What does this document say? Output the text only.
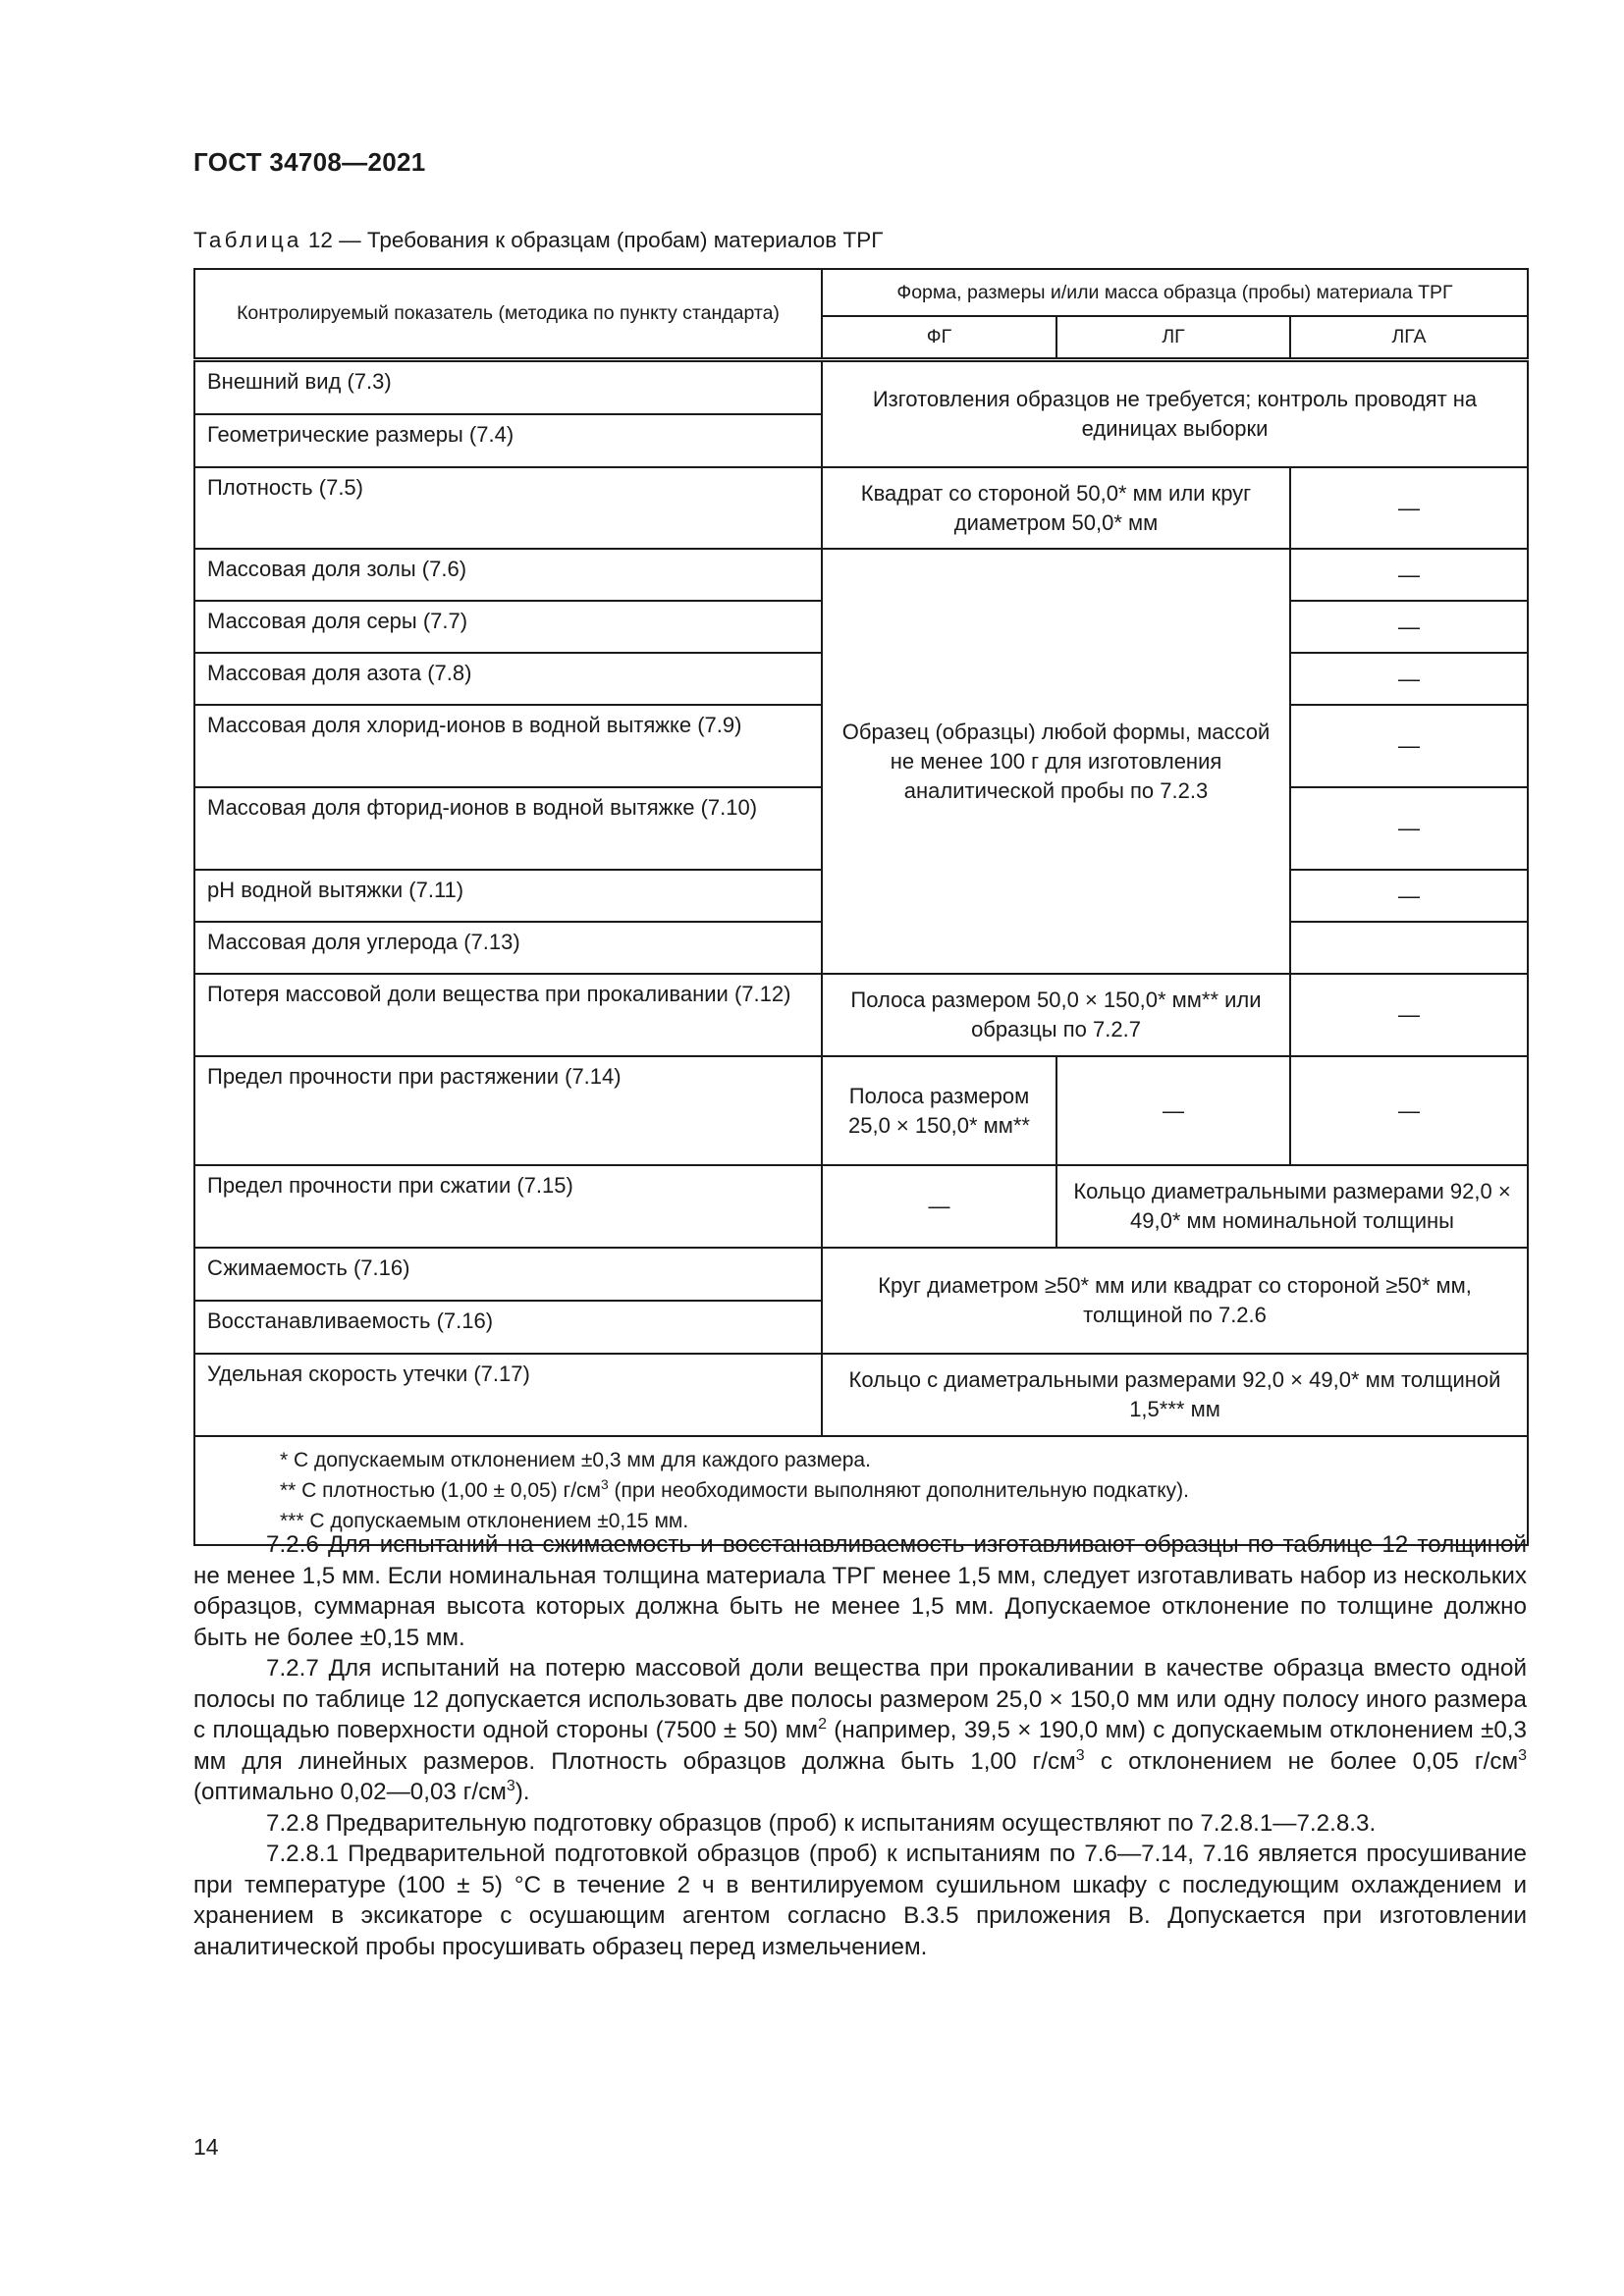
ГОСТ 34708—2021
Таблица 12 — Требования к образцам (пробам) материалов ТРГ
Контролируемый показатель (методика по пункту стандарта)	Форма, размеры и/или масса образца (пробы) материала ТРГ		
	ФГ	ЛГ	ЛГА
Внешний вид (7.3)	Изготовления образцов не требуется; контроль проводят на единицах выборки		
Геометрические размеры (7.4)			
Плотность (7.5)	Квадрат со стороной 50,0* мм или круг диаметром 50,0* мм		—
Массовая доля золы (7.6)	Образец (образцы) любой формы, массой не менее 100 г для изготовления аналитической пробы по 7.2.3		—
Массовая доля серы (7.7)			—
Массовая доля азота (7.8)			—
Массовая доля хлорид-ионов в водной вытяжке (7.9)			—
Массовая доля фторид-ионов в водной вытяжке (7.10)			—
pH водной вытяжки (7.11)			—
Массовая доля углерода (7.13)			
Потеря массовой доли вещества при прокаливании (7.12)	Полоса размером 50,0 × 150,0* мм** или образцы по 7.2.7		—
Предел прочности при растяжении (7.14)	Полоса размером 25,0 × 150,0* мм**	—	—
Предел прочности при сжатии (7.15)	—	Кольцо диаметральными размерами 92,0 × 49,0* мм номинальной толщины	
Сжимаемость (7.16)	Круг диаметром ≥50* мм или квадрат со стороной ≥50* мм, толщиной по 7.2.6		
Восстанавливаемость (7.16)			
Удельная скорость утечки (7.17)	Кольцо с диаметральными размерами 92,0 × 49,0* мм толщиной 1,5*** мм		

* С допускаемым отклонением ±0,3 мм для каждого размера.
** С плотностью (1,00 ± 0,05) $г/см^3$ (при необходимости выполняют дополнительную подкатку).
*** С допускаемым отклонением ±0,15 мм.			

7.2.6 Для испытаний на сжимаемость и восстанавливаемость изготавливают образцы по таблице 12 толщиной не менее 1,5 мм. Если номинальная толщина материала ТРГ менее 1,5 мм, следует изготавливать набор из нескольких образцов, суммарная высота которых должна быть не менее 1,5 мм. Допускаемое отклонение по толщине должно быть не более ±0,15 мм.

7.2.7 Для испытаний на потерю массовой доли вещества при прокаливании в качестве образца вместо одной полосы по таблице 12 допускается использовать две полосы размером 25,0 × 150,0 мм или одну полосу иного размера с площадью поверхности одной стороны (7500 ± 50) $мм^2$ (например, 39,5 × 190,0 мм) с допускаемым отклонением ±0,3 мм для линейных размеров. Плотность образцов должна быть 1,00 $г/см^3$ с отклонением не более 0,05 $г/см^3$ (оптимально 0,02—0,03 $г/см^3$).

7.2.8 Предварительную подготовку образцов (проб) к испытаниям осуществляют по 7.2.8.1—7.2.8.3.

7.2.8.1 Предварительной подготовкой образцов (проб) к испытаниям по 7.6—7.14, 7.16 является просушивание при температуре (100 ± 5) °С в течение 2 ч в вентилируемом сушильном шкафу с последующим охлаждением и хранением в эксикаторе с осушающим агентом согласно В.3.5 приложения В. Допускается при изготовлении аналитической пробы просушивать образец перед измельчением.

14
